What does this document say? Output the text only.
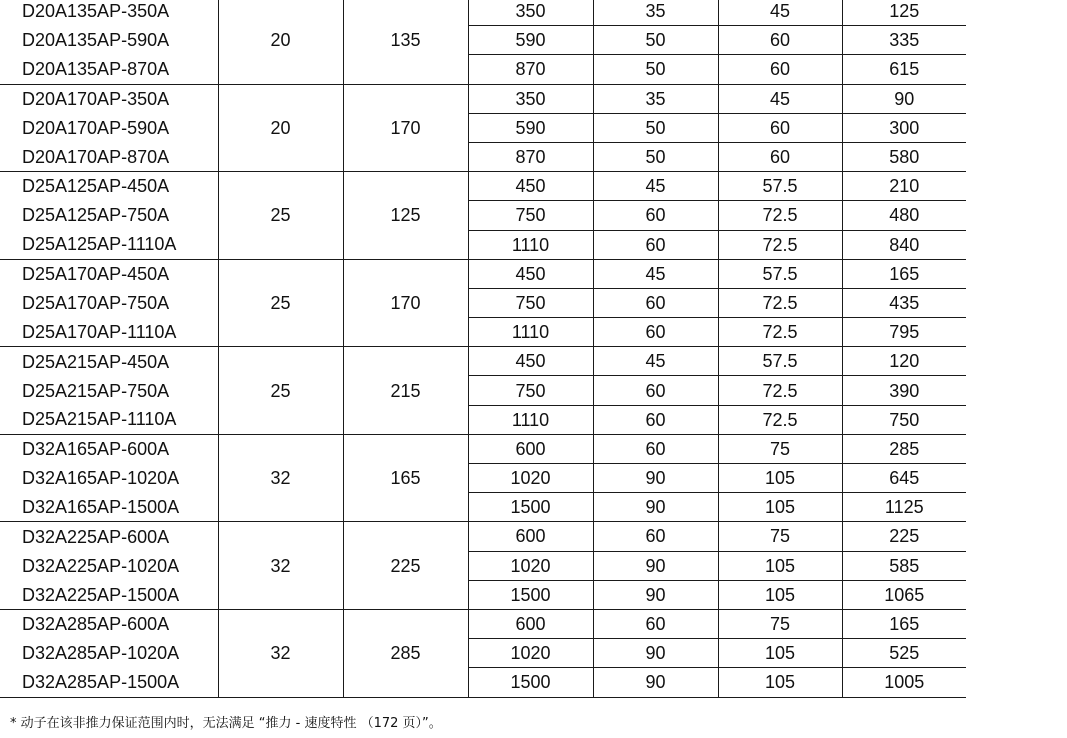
D20A135AP-350A	20	135	350	35	45	125
D20A135AP-590A			590	50	60	335
D20A135AP-870A			870	50	60	615
D20A170AP-350A	20	170	350	35	45	90
D20A170AP-590A			590	50	60	300
D20A170AP-870A			870	50	60	580
D25A125AP-450A	25	125	450	45	57.5	210
D25A125AP-750A			750	60	72.5	480
D25A125AP-1110A			1110	60	72.5	840
D25A170AP-450A	25	170	450	45	57.5	165
D25A170AP-750A			750	60	72.5	435
D25A170AP-1110A			1110	60	72.5	795
D25A215AP-450A	25	215	450	45	57.5	120
D25A215AP-750A			750	60	72.5	390
D25A215AP-1110A			1110	60	72.5	750
D32A165AP-600A	32	165	600	60	75	285
D32A165AP-1020A			1020	90	105	645
D32A165AP-1500A			1500	90	105	1125
D32A225AP-600A	32	225	600	60	75	225
D32A225AP-1020A			1020	90	105	585
D32A225AP-1500A			1500	90	105	1065
D32A285AP-600A	32	285	600	60	75	165
D32A285AP-1020A			1020	90	105	525
D32A285AP-1500A			1500	90	105	1005
* 动子在该非推力保证范围内时，无法满足 “推力 - 速度特性 （172 页）”。
